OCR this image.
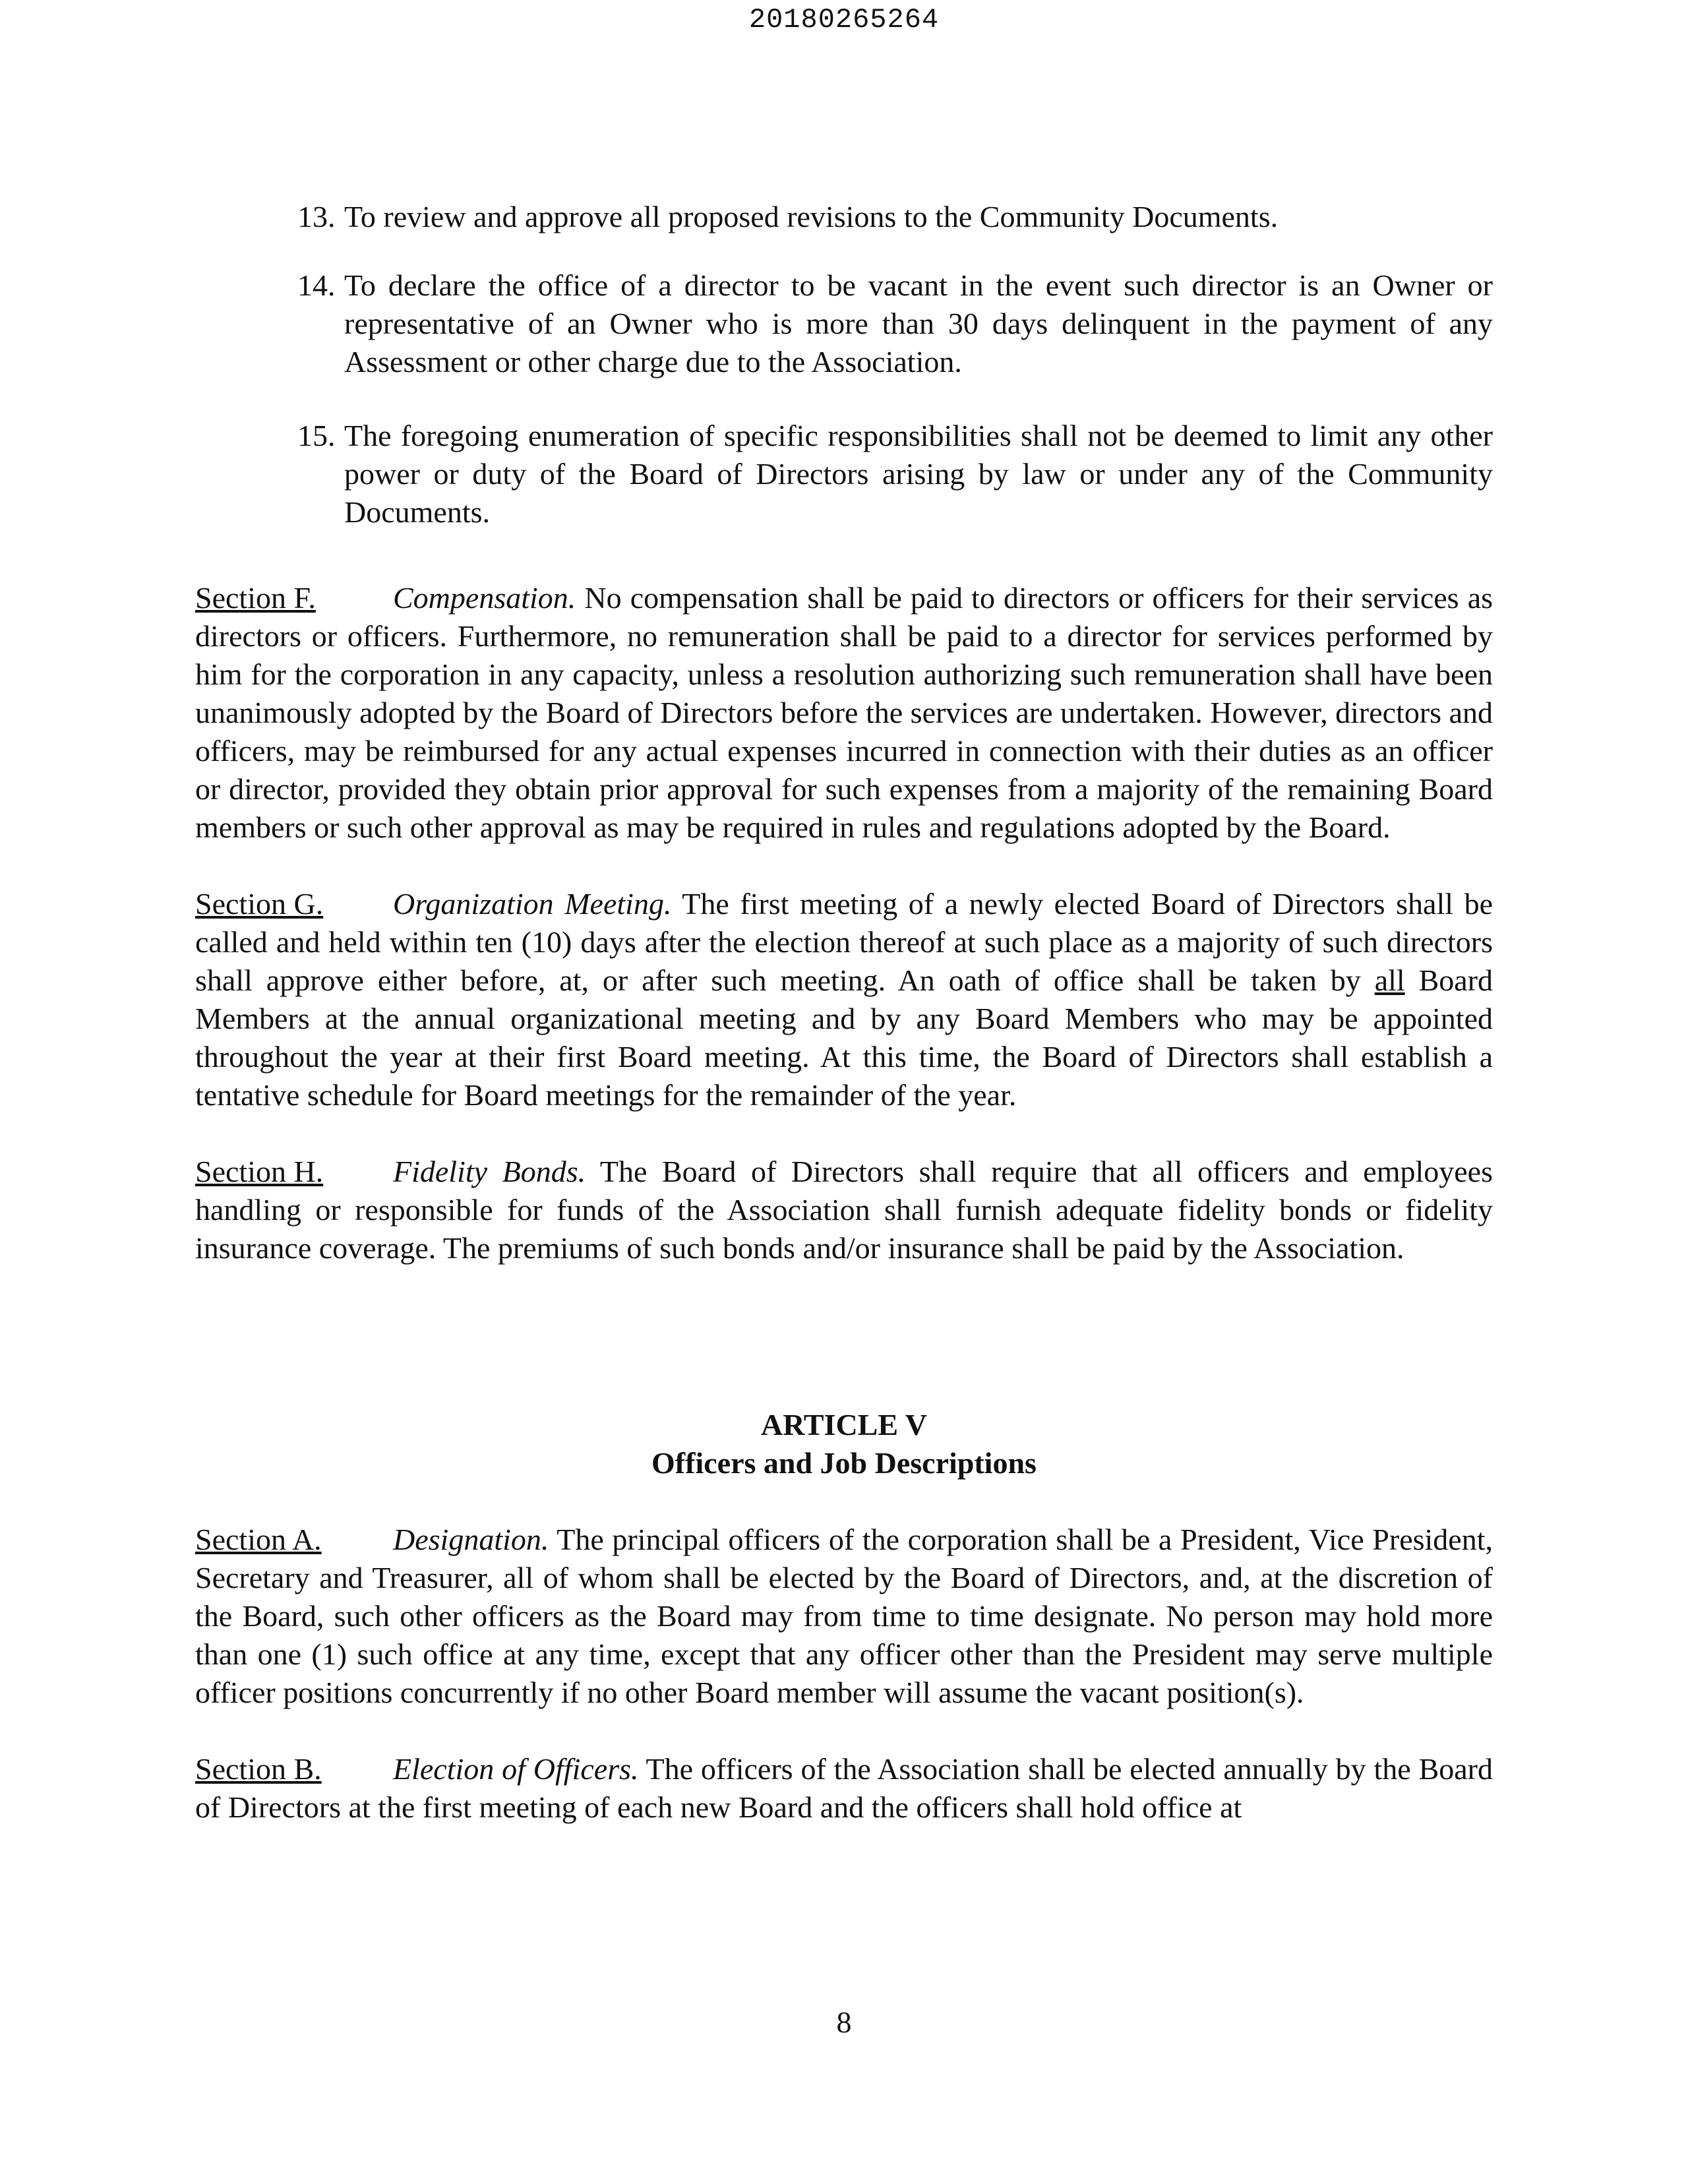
20180265264
13. To review and approve all proposed revisions to the Community Documents.
14. To declare the office of a director to be vacant in the event such director is an Owner or representative of an Owner who is more than 30 days delinquent in the payment of any Assessment or other charge due to the Association.
15. The foregoing enumeration of specific responsibilities shall not be deemed to limit any other power or duty of the Board of Directors arising by law or under any of the Community Documents.

Section F.	Compensation. No compensation shall be paid to directors or officers for their services as directors or officers. Furthermore, no remuneration shall be paid to a director for services performed by him for the corporation in any capacity, unless a resolution authorizing such remuneration shall have been unanimously adopted by the Board of Directors before the services are undertaken. However, directors and officers, may be reimbursed for any actual expenses incurred in connection with their duties as an officer or director, provided they obtain prior approval for such expenses from a majority of the remaining Board members or such other approval as may be required in rules and regulations adopted by the Board.

Section G. Organization Meeting. The first meeting of a newly elected Board of Directors shall be called and held within ten (10) days after the election thereof at such place as a majority of such directors shall approve either before, at, or after such meeting. An oath of office shall be taken by all Board Members at the annual organizational meeting and by any Board Members who may be appointed throughout the year at their first Board meeting. At this time, the Board of Directors shall establish a tentative schedule for Board meetings for the remainder of the year.

Section H. Fidelity Bonds. The Board of Directors shall require that all officers and employees handling or responsible for funds of the Association shall furnish adequate fidelity bonds or fidelity insurance coverage. The premiums of such bonds and/or insurance shall be paid by the Association.

ARTICLE V
Officers and Job Descriptions

Section A. Designation. The principal officers of the corporation shall be a President, Vice President, Secretary and Treasurer, all of whom shall be elected by the Board of Directors, and, at the discretion of the Board, such other officers as the Board may from time to time designate. No person may hold more than one (1) such office at any time, except that any officer other than the President may serve multiple officer positions concurrently if no other Board member will assume the vacant position(s).

Section B. Election of Officers. The officers of the Association shall be elected annually by the Board of Directors at the first meeting of each new Board and the officers shall hold office at

8
